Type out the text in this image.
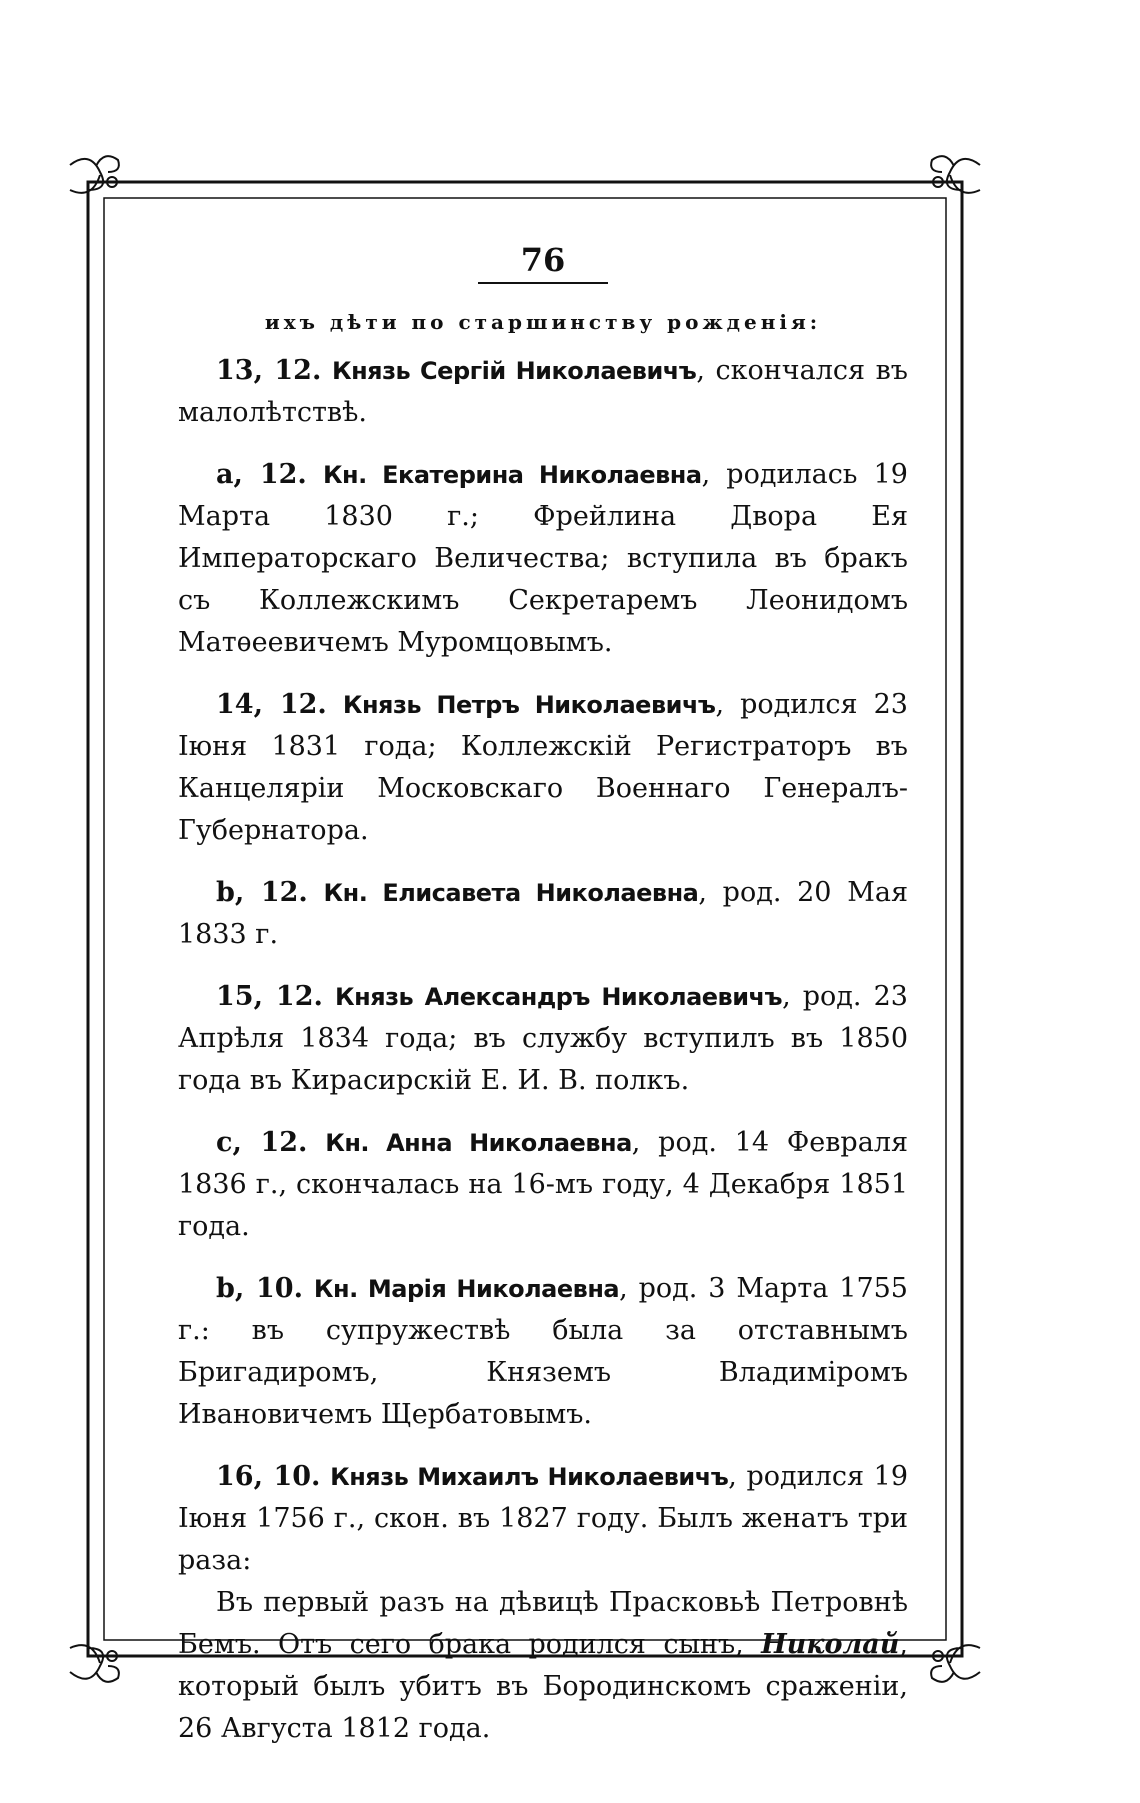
76
ихъ дѣти по старшинству рожденія:
13, 12. Князь Сергій Николаевичъ, скончался въ малолѣтствѣ.
a, 12. Кн. Екатерина Николаевна, родилась 19 Марта 1830 г.; Фрейлина Двора Ея Императорскаго Величества; вступила въ бракъ съ Коллежскимъ Секретаремъ Леонидомъ Матѳеевичемъ Муромцовымъ.
14, 12. Князь Петръ Николаевичъ, родился 23 Іюня 1831 года; Коллежскій Регистраторъ въ Канцеляріи Московскаго Военнаго Генералъ-Губернатора.
b, 12. Кн. Елисавета Николаевна, род. 20 Мая 1833 г.
15, 12. Князь Александръ Николаевичъ, род. 23 Апрѣля 1834 года; въ службу вступилъ въ 1850 года въ Кирасирскій Е. И. В. полкъ.
c, 12. Кн. Анна Николаевна, род. 14 Февраля 1836 г., скончалась на 16-мъ году, 4 Декабря 1851 года.
b, 10. Кн. Марія Николаевна, род. 3 Марта 1755 г.: въ супружествѣ была за отставнымъ Бригадиромъ, Княземъ Владиміромъ Ивановичемъ Щербатовымъ.
16, 10. Князь Михаилъ Николаевичъ, родился 19 Іюня 1756 г., скон. въ 1827 году. Былъ женатъ три раза:
Въ первый разъ на дѣвицѣ Прасковьѣ Петровнѣ Бемъ. Отъ сего брака родился сынъ, Николай, который былъ убитъ въ Бородинскомъ сраженіи, 26 Августа 1812 года.
